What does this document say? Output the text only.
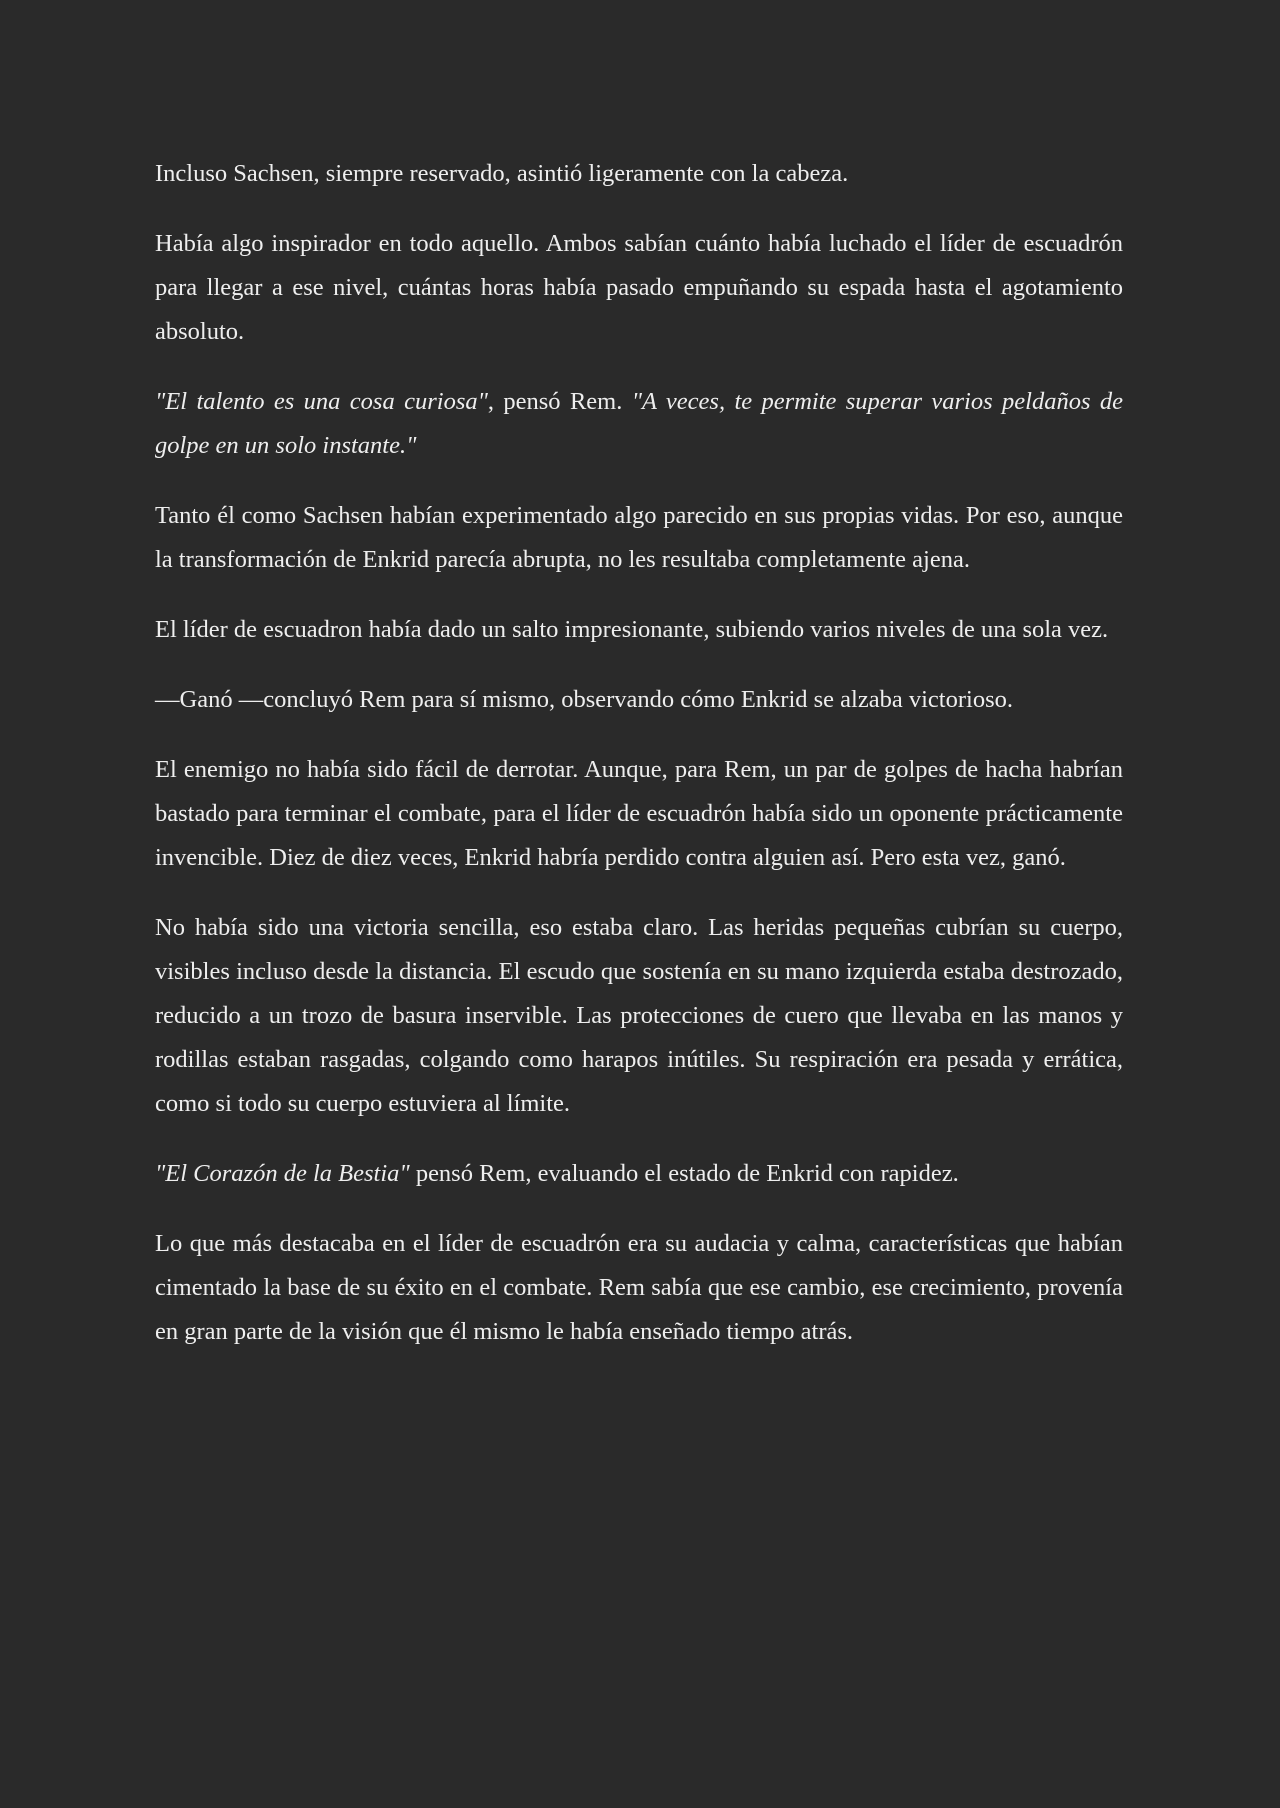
Incluso Sachsen, siempre reservado, asintió ligeramente con la cabeza.

Había algo inspirador en todo aquello. Ambos sabían cuánto había luchado el líder de escuadrón para llegar a ese nivel, cuántas horas había pasado empuñando su espada hasta el agotamiento absoluto.

"El talento es una cosa curiosa", pensó Rem. "A veces, te permite superar varios peldaños de golpe en un solo instante."

Tanto él como Sachsen habían experimentado algo parecido en sus propias vidas. Por eso, aunque la transformación de Enkrid parecía abrupta, no les resultaba completamente ajena.

El líder de escuadron había dado un salto impresionante, subiendo varios niveles de una sola vez.

—Ganó —concluyó Rem para sí mismo, observando cómo Enkrid se alzaba victorioso.

El enemigo no había sido fácil de derrotar. Aunque, para Rem, un par de golpes de hacha habrían bastado para terminar el combate, para el líder de escuadrón había sido un oponente prácticamente invencible. Diez de diez veces, Enkrid habría perdido contra alguien así. Pero esta vez, ganó.

No había sido una victoria sencilla, eso estaba claro. Las heridas pequeñas cubrían su cuerpo, visibles incluso desde la distancia. El escudo que sostenía en su mano izquierda estaba destrozado, reducido a un trozo de basura inservible. Las protecciones de cuero que llevaba en las manos y rodillas estaban rasgadas, colgando como harapos inútiles. Su respiración era pesada y errática, como si todo su cuerpo estuviera al límite.

"El Corazón de la Bestia" pensó Rem, evaluando el estado de Enkrid con rapidez.

Lo que más destacaba en el líder de escuadrón era su audacia y calma, características que habían cimentado la base de su éxito en el combate. Rem sabía que ese cambio, ese crecimiento, provenía en gran parte de la visión que él mismo le había enseñado tiempo atrás.
